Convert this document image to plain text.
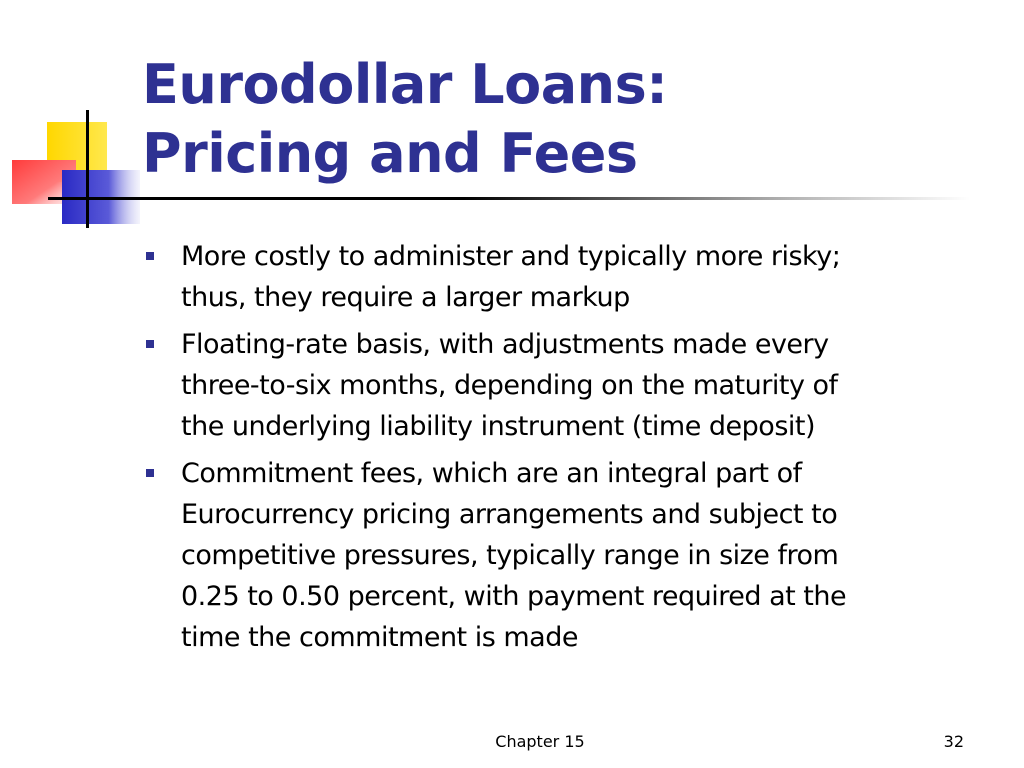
Eurodollar Loans:
Pricing and Fees
More costly to administer and typically more risky;
thus, they require a larger markup
Floating-rate basis, with adjustments made every
three-to-six months, depending on the maturity of
the underlying liability instrument (time deposit)
Commitment fees, which are an integral part of
Eurocurrency pricing arrangements and subject to
competitive pressures, typically range in size from
0.25 to 0.50 percent, with payment required at the
time the commitment is made
Chapter 15	32
